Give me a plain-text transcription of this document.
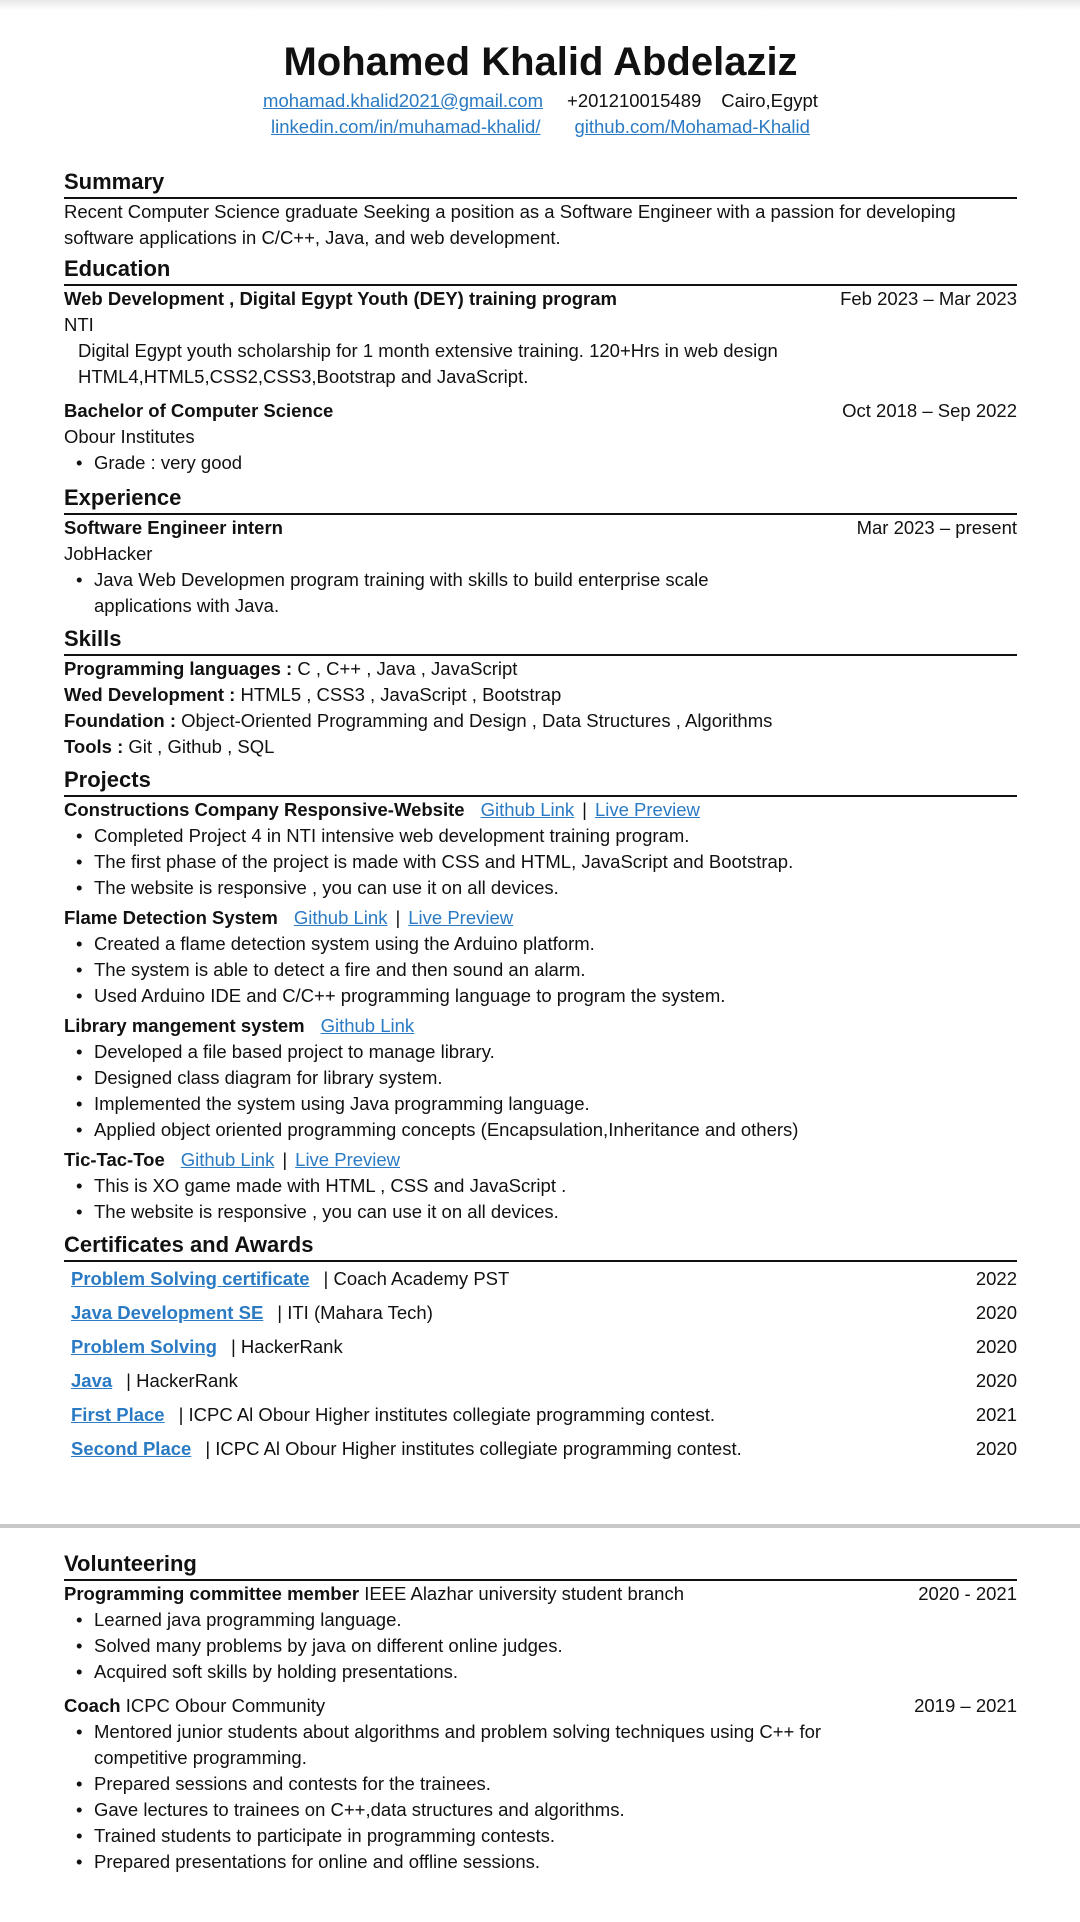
Mohamed Khalid Abdelaziz
mohamad.khalid2021@gmail.com +201210015489 Cairo,Egypt
linkedin.com/in/muhamad-khalid/ github.com/Mohamad-Khalid
Summary
Recent Computer Science graduate Seeking a position as a Software Engineer with a passion for developing software applications in C/C++, Java, and web development.
Education
Web Development , Digital Egypt Youth (DEY) training program	Feb 2023 – Mar 2023
NTI
Digital Egypt youth scholarship for 1 month extensive training. 120+Hrs in web design HTML4,HTML5,CSS2,CSS3,Bootstrap and JavaScript.
Bachelor of Computer Science	Oct 2018 – Sep 2022
Obour Institutes
• Grade : very good
Experience
Software Engineer intern	Mar 2023 – present
JobHacker
• Java Web Developmen program training with skills to build enterprise scale applications with Java.
Skills
Programming languages : C , C++ , Java , JavaScript
Wed Development : HTML5 , CSS3 , JavaScript , Bootstrap
Foundation : Object-Oriented Programming and Design , Data Structures , Algorithms
Tools : Git , Github , SQL
Projects
Constructions Company Responsive-Website Github Link | Live Preview
• Completed Project 4 in NTI intensive web development training program.
• The first phase of the project is made with CSS and HTML, JavaScript and Bootstrap.
• The website is responsive , you can use it on all devices.
Flame Detection System Github Link | Live Preview
• Created a flame detection system using the Arduino platform.
• The system is able to detect a fire and then sound an alarm.
• Used Arduino IDE and C/C++ programming language to program the system.
Library mangement system Github Link
• Developed a file based project to manage library.
• Designed class diagram for library system.
• Implemented the system using Java programming language.
• Applied object oriented programming concepts (Encapsulation,Inheritance and others)
Tic-Tac-Toe Github Link | Live Preview
• This is XO game made with HTML , CSS and JavaScript .
• The website is responsive , you can use it on all devices.
Certificates and Awards
Problem Solving certificate | Coach Academy PST	2022
Java Development SE | ITI (Mahara Tech)	2020
Problem Solving | HackerRank	2020
Java | HackerRank	2020
First Place | ICPC Al Obour Higher institutes collegiate programming contest.	2021
Second Place | ICPC Al Obour Higher institutes collegiate programming contest.	2020
Volunteering
Programming committee member IEEE Alazhar university student branch	2020 - 2021
• Learned java programming language.
• Solved many problems by java on different online judges.
• Acquired soft skills by holding presentations.
Coach ICPC Obour Community	2019 – 2021
• Mentored junior students about algorithms and problem solving techniques using C++ for competitive programming.
• Prepared sessions and contests for the trainees.
• Gave lectures to trainees on C++,data structures and algorithms.
• Trained students to participate in programming contests.
• Prepared presentations for online and offline sessions.
